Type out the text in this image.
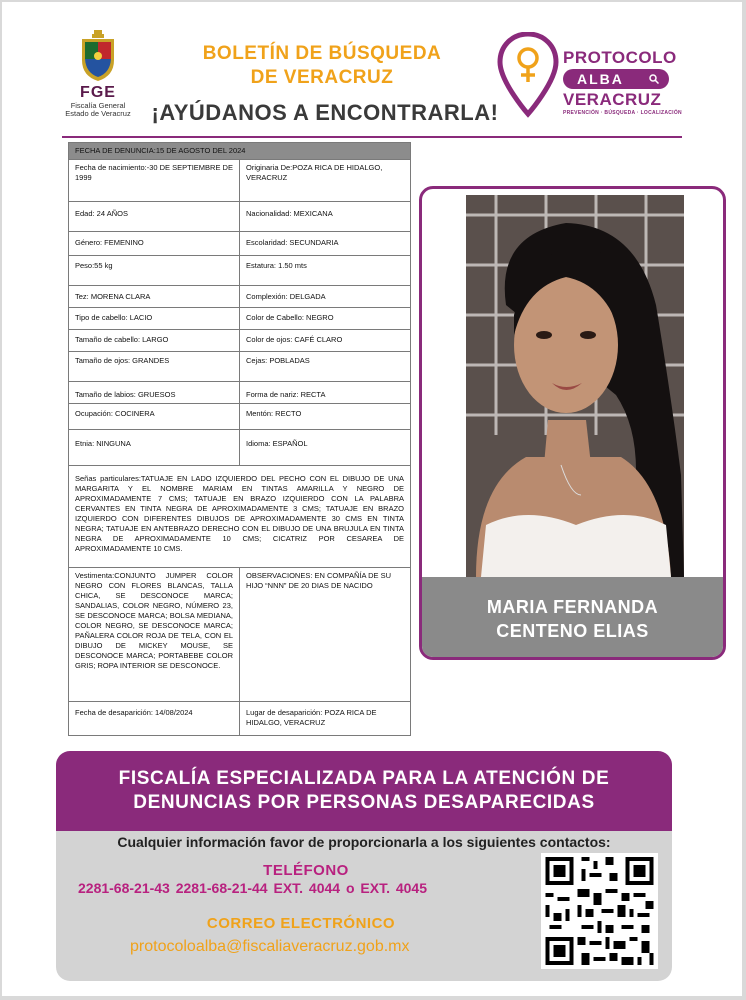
FGE
Fiscalía General
Estado de Veracruz
BOLETÍN DE BÚSQUEDA
DE VERACRUZ
¡AYÚDANOS A ENCONTRARLA!
PROTOCOLO
ALBA
VERACRUZ
PREVENCIÓN · BÚSQUEDA · LOCALIZACIÓN
FECHA DE DENUNCIA:15 DE AGOSTO DEL 2024	
Fecha de nacimiento:-30 DE SEPTIEMBRE DE 1999	Originaria De:POZA RICA DE HIDALGO, VERACRUZ
Edad: 24 AÑOS	Nacionalidad: MEXICANA
Género: FEMENINO	Escolaridad: SECUNDARIA
Peso:55 kg	Estatura: 1.50 mts
Tez: MORENA CLARA	Complexión: DELGADA
Tipo de cabello: LACIO	Color de Cabello: NEGRO
Tamaño de cabello: LARGO	Color de ojos: CAFÉ CLARO
Tamaño de ojos: GRANDES	Cejas: POBLADAS
Tamaño de labios: GRUESOS	Forma de nariz: RECTA
Ocupación: COCINERA	Mentón: RECTO
Etnia: NINGUNA	Idioma: ESPAÑOL
Señas particulares:TATUAJE EN LADO IZQUIERDO DEL PECHO CON EL DIBUJO DE UNA MARGARITA Y EL NOMBRE MARIAM EN TINTAS AMARILLA Y NEGRO DE APROXIMADAMENTE 7 CMS; TATUAJE EN BRAZO IZQUIERDO CON LA PALABRA CERVANTES EN TINTA NEGRA DE APROXIMADAMENTE 3 CMS; TATUAJE EN BRAZO IZQUIERDO CON DIFERENTES DIBUJOS DE APROXIMADAMENTE 30 CMS EN TINTA NEGRA; TATUAJE EN ANTEBRAZO DERECHO CON EL DIBUJO DE UNA BRUJULA EN TINTA NEGRA DE APROXIMADAMENTE 10 CMS; CICATRIZ POR CESAREA DE APROXIMADAMENTE 10 CMS.	
Vestimenta:CONJUNTO JUMPER COLOR NEGRO CON FLORES BLANCAS, TALLA CHICA, SE DESCONOCE MARCA; SANDALIAS, COLOR NEGRO, NÚMERO 23, SE DESCONOCE MARCA; BOLSA MEDIANA, COLOR NEGRO, SE DESCONOCE MARCA; PAÑALERA COLOR ROJA DE TELA, CON EL DIBUJO DE MICKEY MOUSE, SE DESCONOCE MARCA; PORTABEBE COLOR GRIS; ROPA INTERIOR SE DESCONOCE.	OBSERVACIONES: EN COMPAÑÍA DE SU HIJO “NNN” DE 20 DIAS DE NACIDO
Fecha de desaparición: 14/08/2024	Lugar de desaparición: POZA RICA DE HIDALGO, VERACRUZ
MARIA FERNANDA
CENTENO ELIAS
FISCALÍA ESPECIALIZADA PARA LA ATENCIÓN DE
DENUNCIAS POR PERSONAS DESAPARECIDAS
Cualquier información favor de proporcionarla a los siguientes contactos:
TELÉFONO
2281-68-21-43 2281-68-21-44 EXT. 4044 o EXT. 4045
CORREO ELECTRÓNICO
protocoloalba@fiscaliaveracruz.gob.mx
